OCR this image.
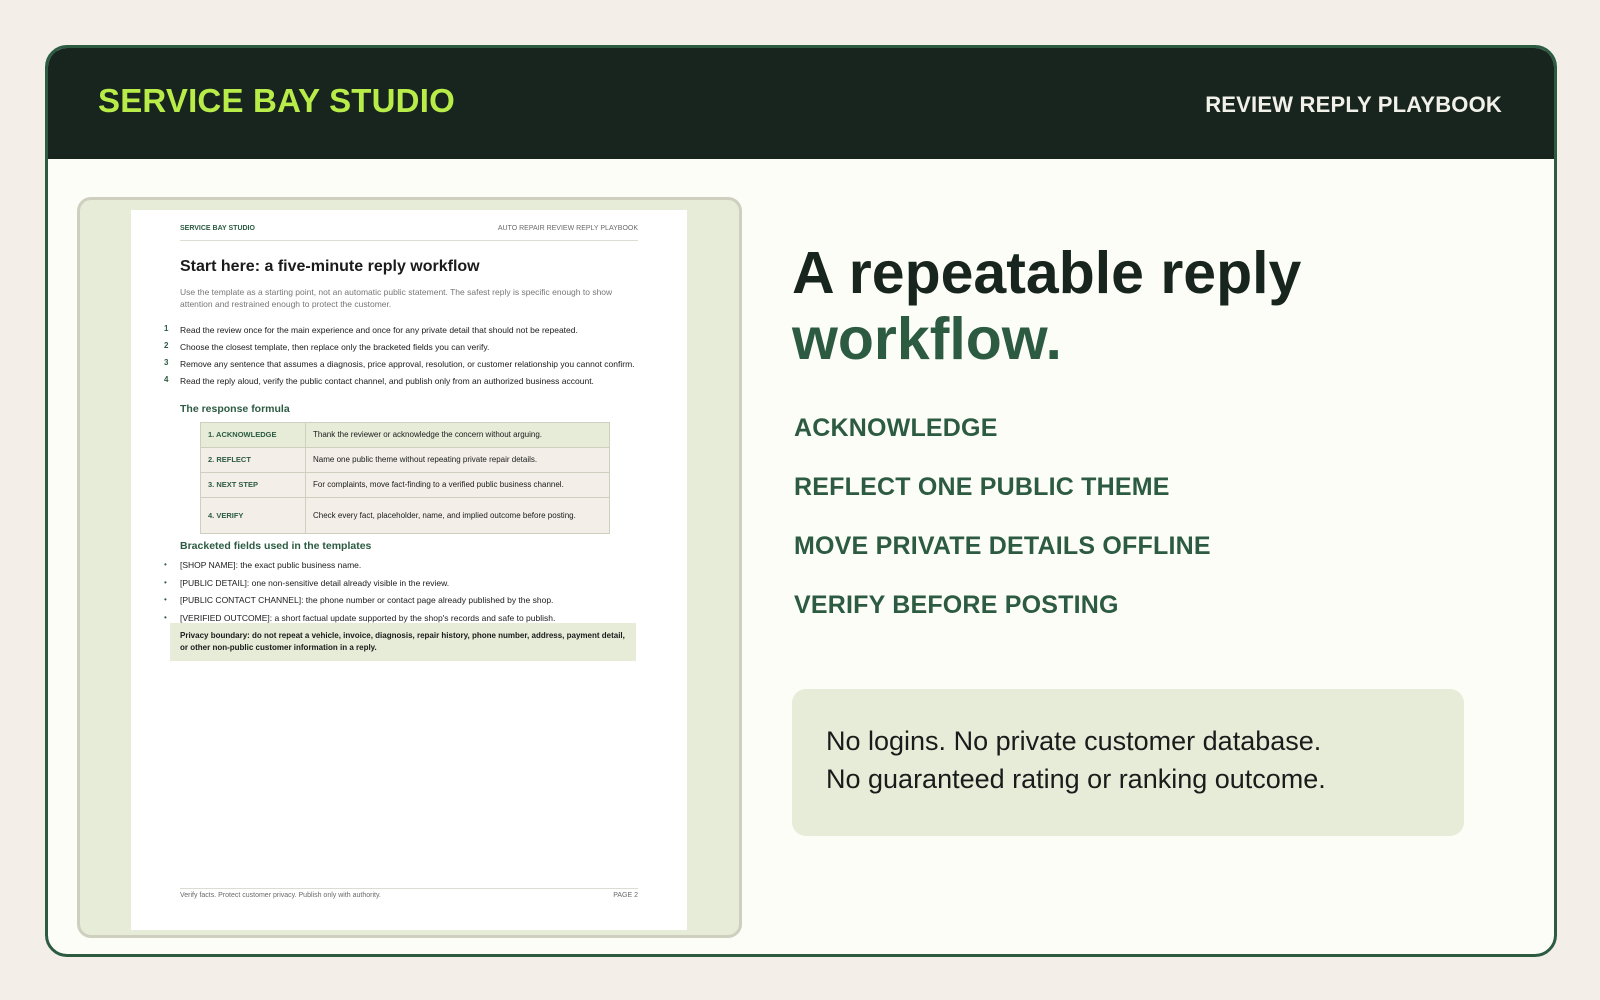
SERVICE BAY STUDIO	REVIEW REPLY PLAYBOOK
SERVICE BAY STUDIO	AUTO REPAIR REVIEW REPLY PLAYBOOK
Start here: a five-minute reply workflow
Use the template as a starting point, not an automatic public statement. The safest reply is specific enough to show attention and restrained enough to protect the customer.
1 Read the review once for the main experience and once for any private detail that should not be repeated.
2 Choose the closest template, then replace only the bracketed fields you can verify.
3 Remove any sentence that assumes a diagnosis, price approval, resolution, or customer relationship you cannot confirm.
4 Read the reply aloud, verify the public contact channel, and publish only from an authorized business account.
The response formula
1. ACKNOWLEDGE	Thank the reviewer or acknowledge the concern without arguing.
2. REFLECT	Name one public theme without repeating private repair details.
3. NEXT STEP	For complaints, move fact-finding to a verified public business channel.
4. VERIFY	Check every fact, placeholder, name, and implied outcome before posting.
Bracketed fields used in the templates
• [SHOP NAME]: the exact public business name.
• [PUBLIC DETAIL]: one non-sensitive detail already visible in the review.
• [PUBLIC CONTACT CHANNEL]: the phone number or contact page already published by the shop.
• [VERIFIED OUTCOME]: a short factual update supported by the shop's records and safe to publish.
Privacy boundary: do not repeat a vehicle, invoice, diagnosis, repair history, phone number, address, payment detail, or other non-public customer information in a reply.
Verify facts. Protect customer privacy. Publish only with authority.	PAGE 2
A repeatable reply
workflow.
ACKNOWLEDGE
REFLECT ONE PUBLIC THEME
MOVE PRIVATE DETAILS OFFLINE
VERIFY BEFORE POSTING
No logins. No private customer database.
No guaranteed rating or ranking outcome.
